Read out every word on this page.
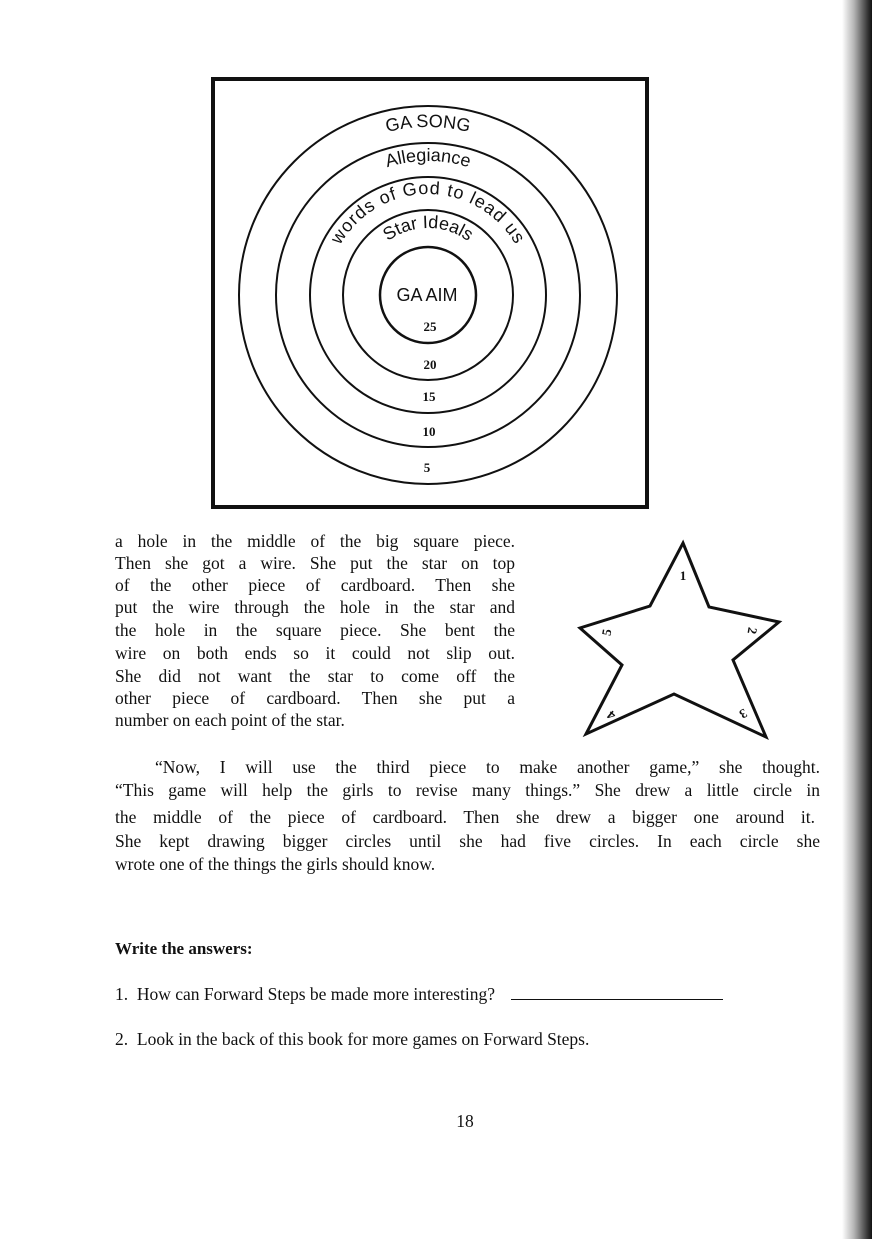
GA SONG
Allegiance
words of God to lead us
Star Ideals
GA AIM
25
20
15
10
5
1
2
3
4
5
a hole in the middle of the big square piece.
Then she got a wire. She put the star on top
of the other piece of cardboard. Then she
put the wire through the hole in the star and
the hole in the square piece. She bent the
wire on both ends so it could not slip out.
She did not want the star to come off the
other piece of cardboard. Then she put a
number on each point of the star.
“Now, I will use the third piece to make another game,” she thought.
“This game will help the girls to revise many things.” She drew a little circle in
the middle of the piece of cardboard. Then she drew a bigger one around it.
She kept drawing bigger circles until she had five circles. In each circle she
wrote one of the things the girls should know.
Write the answers:
1. How can Forward Steps be made more interesting?
2. Look in the back of this book for more games on Forward Steps.
18
